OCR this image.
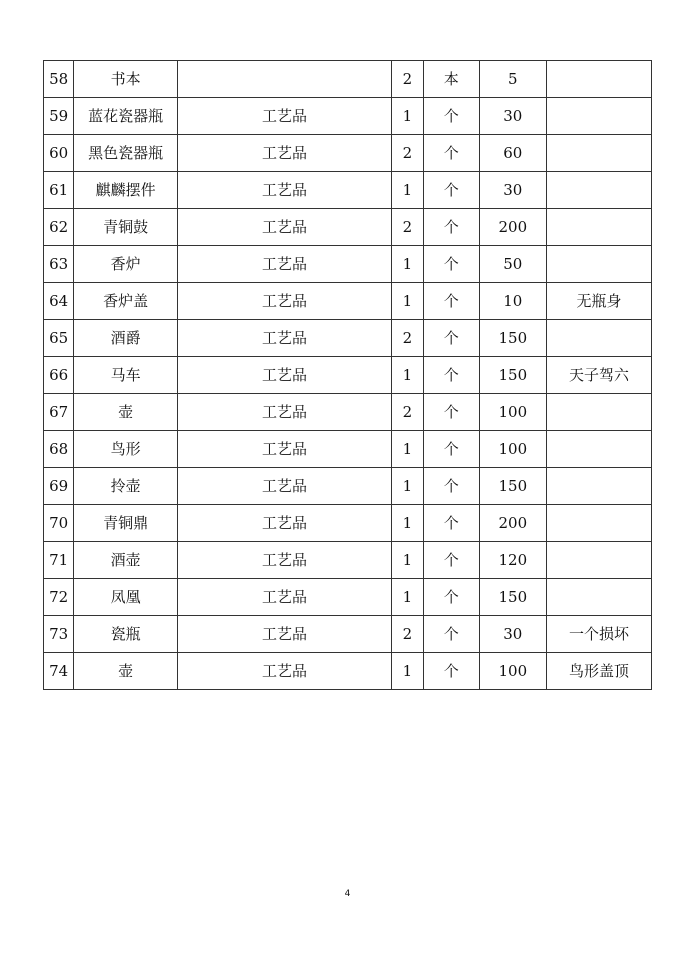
58	书本		2	本	5	
59	蓝花瓷器瓶	工艺品	1	个	30	
60	黑色瓷器瓶	工艺品	2	个	60	
61	麒麟摆件	工艺品	1	个	30	
62	青铜鼓	工艺品	2	个	200	
63	香炉	工艺品	1	个	50	
64	香炉盖	工艺品	1	个	10	无瓶身
65	酒爵	工艺品	2	个	150	
66	马车	工艺品	1	个	150	天子驾六
67	壶	工艺品	2	个	100	
68	鸟形	工艺品	1	个	100	
69	拎壶	工艺品	1	个	150	
70	青铜鼎	工艺品	1	个	200	
71	酒壶	工艺品	1	个	120	
72	凤凰	工艺品	1	个	150	
73	瓷瓶	工艺品	2	个	30	一个损坏
74	壶	工艺品	1	个	100	鸟形盖顶
4
